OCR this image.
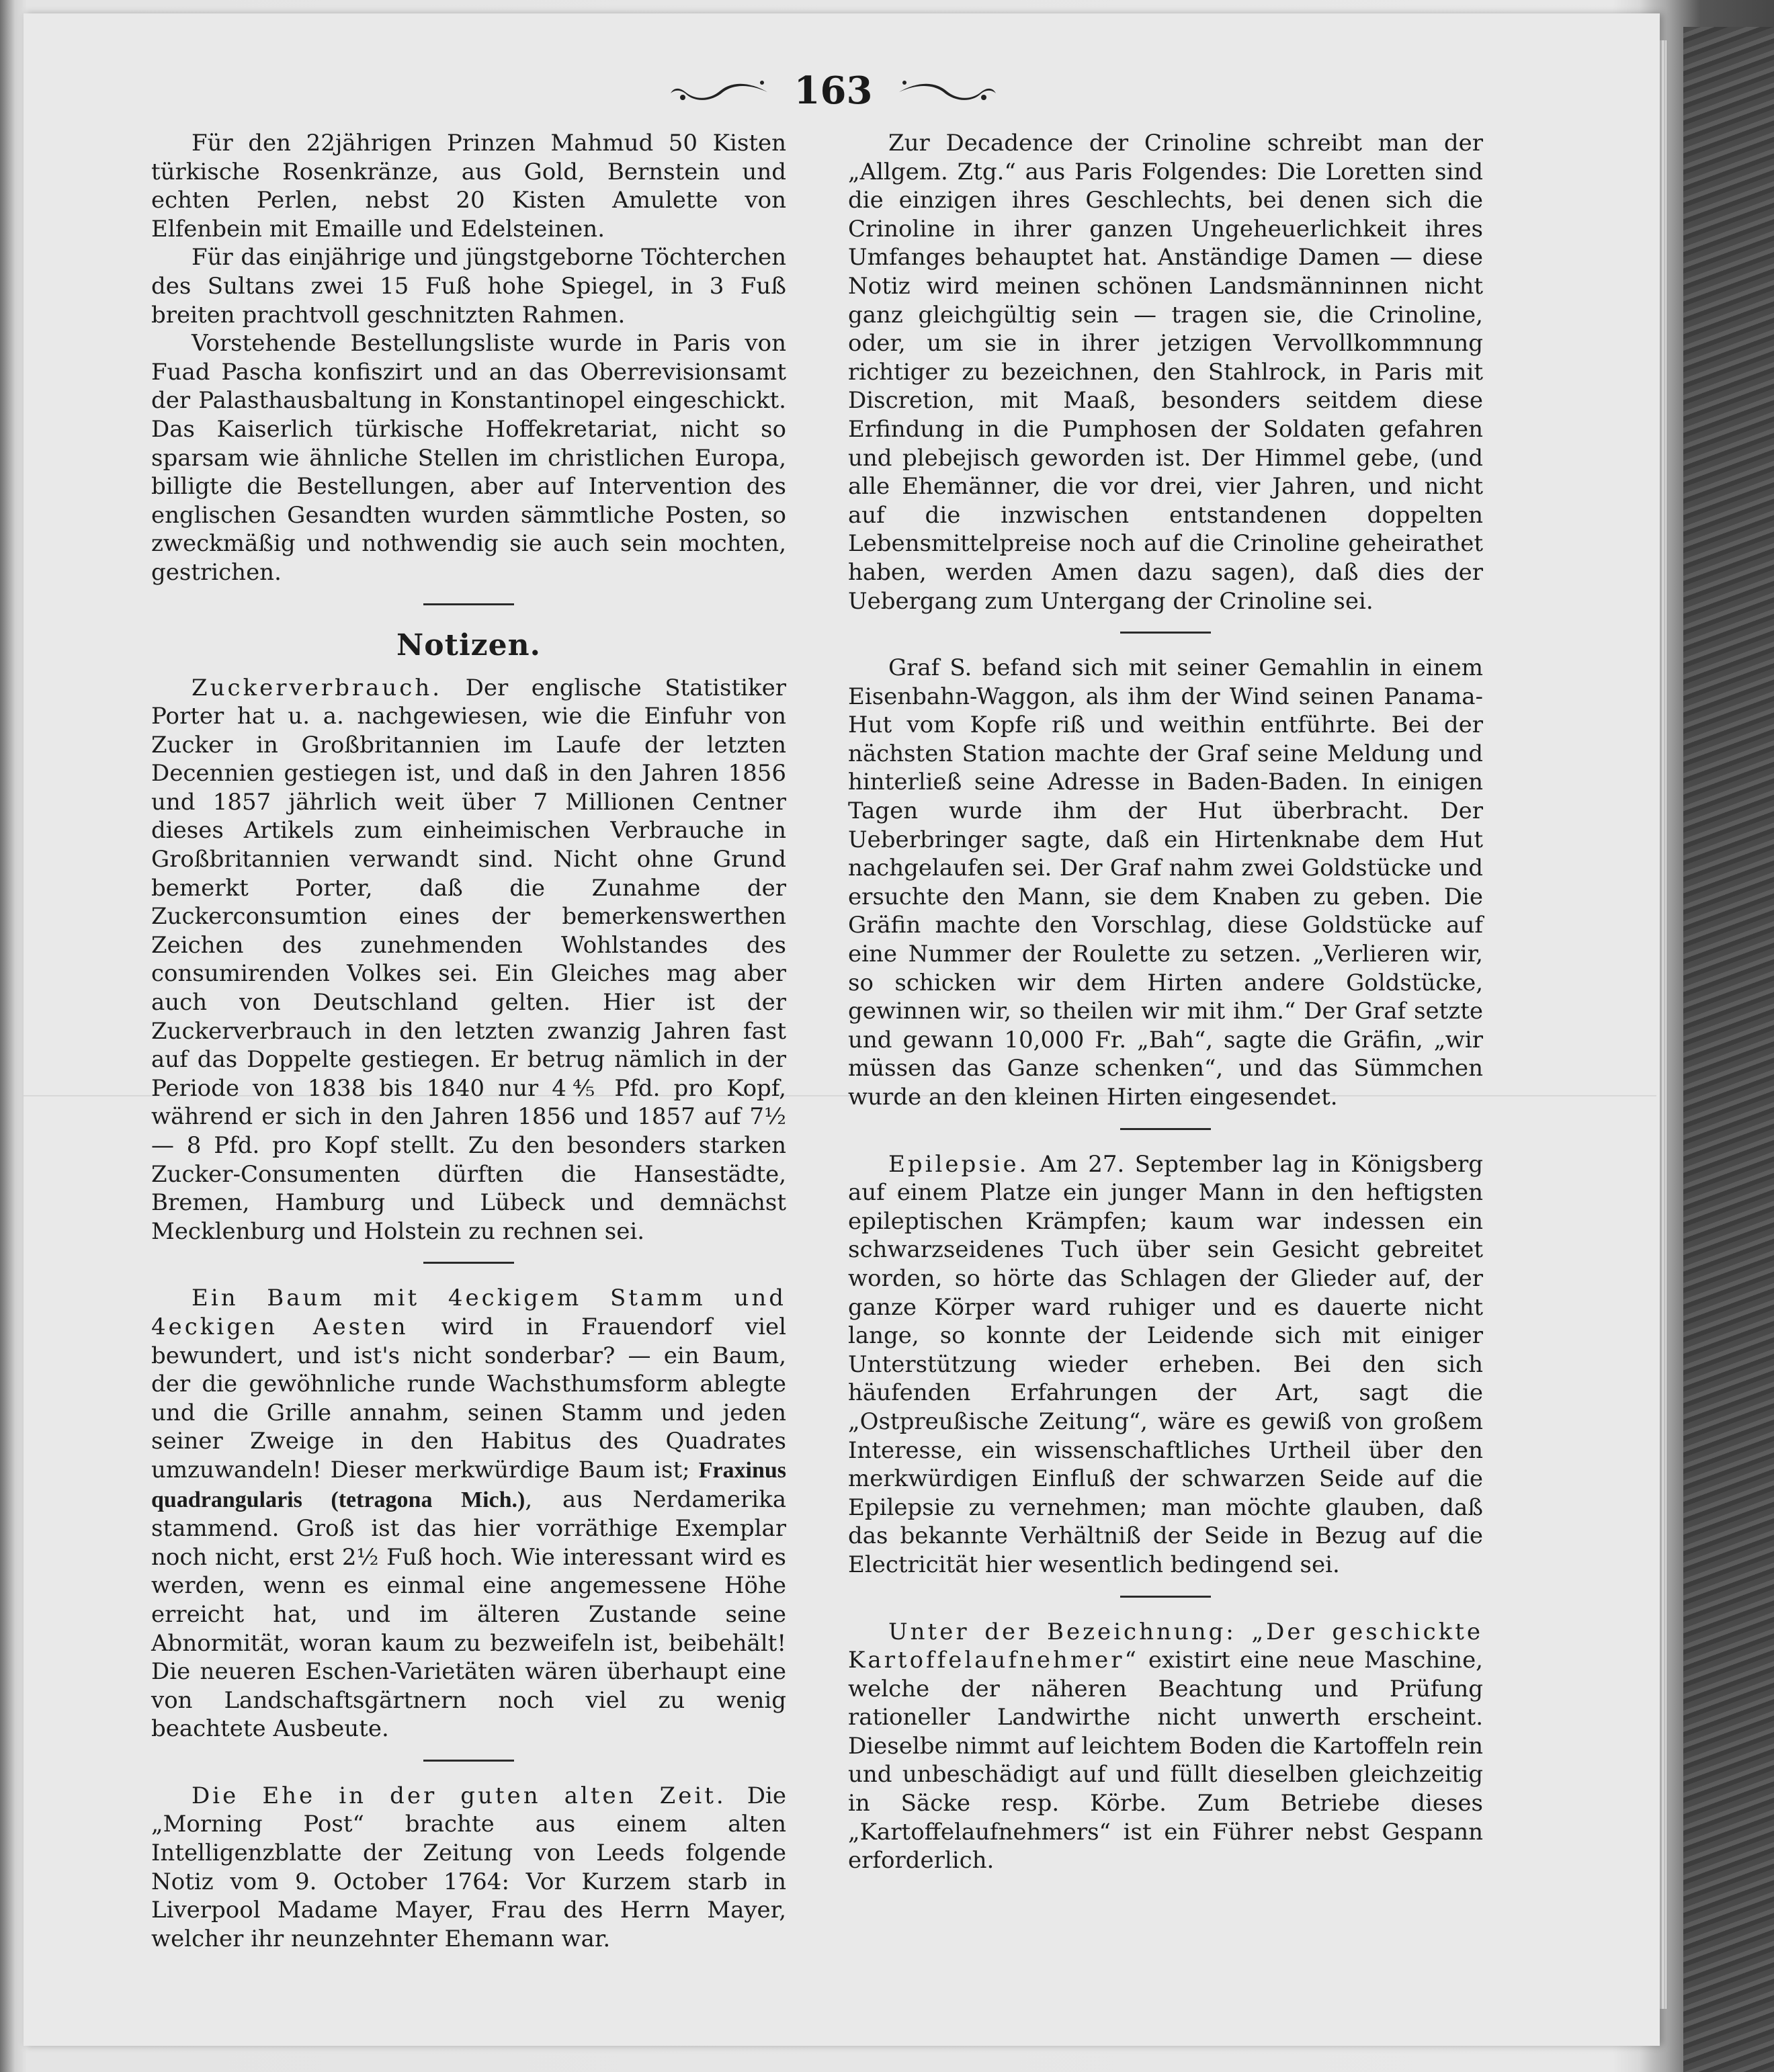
163

Für den 22jährigen Prinzen Mahmud 50 Kisten türkische Rosenkränze, aus Gold, Bernstein und echten Perlen, nebst 20 Kisten Amulette von Elfenbein mit Emaille und Edelsteinen.

Für das einjährige und jüngstgeborne Töchterchen des Sultans zwei 15 Fuß hohe Spiegel, in 3 Fuß breiten prachtvoll geschnitzten Rahmen.

Vorstehende Bestellungsliste wurde in Paris von Fuad Pascha konfiszirt und an das Oberrevisionsamt der Palasthausbaltung in Konstantinopel eingeschickt. Das Kaiserlich türkische Hoffekretariat, nicht so sparsam wie ähnliche Stellen im christlichen Europa, billigte die Bestellungen, aber auf Intervention des englischen Gesandten wurden sämmtliche Posten, so zweckmäßig und nothwendig sie auch sein mochten, gestrichen.

Notizen.

Zuckerverbrauch. Der englische Statistiker Porter hat u. a. nachgewiesen, wie die Einfuhr von Zucker in Großbritannien im Laufe der letzten Decennien gestiegen ist, und daß in den Jahren 1856 und 1857 jährlich weit über 7 Millionen Centner dieses Artikels zum einheimischen Verbrauche in Großbritannien verwandt sind. Nicht ohne Grund bemerkt Porter, daß die Zunahme der Zuckerconsumtion eines der bemerkenswerthen Zeichen des zunehmenden Wohlstandes des consumirenden Volkes sei. Ein Gleiches mag aber auch von Deutschland gelten. Hier ist der Zuckerverbrauch in den letzten zwanzig Jahren fast auf das Doppelte gestiegen. Er betrug nämlich in der Periode von 1838 bis 1840 nur 4⅘ Pfd. pro Kopf, während er sich in den Jahren 1856 und 1857 auf 7½ — 8 Pfd. pro Kopf stellt. Zu den besonders starken Zucker-Consumenten dürften die Hansestädte, Bremen, Hamburg und Lübeck und demnächst Mecklenburg und Holstein zu rechnen sei.

Ein Baum mit 4eckigem Stamm und 4eckigen Aesten wird in Frauendorf viel bewundert, und ist's nicht sonderbar? — ein Baum, der die gewöhnliche runde Wachsthumsform ablegte und die Grille annahm, seinen Stamm und jeden seiner Zweige in den Habitus des Quadrates umzuwandeln! Dieser merkwürdige Baum ist; Fraxinus quadrangularis (tetragona Mich.), aus Nerdamerika stammend. Groß ist das hier vorräthige Exemplar noch nicht, erst 2½ Fuß hoch. Wie interessant wird es werden, wenn es einmal eine angemessene Höhe erreicht hat, und im älteren Zustande seine Abnormität, woran kaum zu bezweifeln ist, beibehält! Die neueren Eschen-Varietäten wären überhaupt eine von Landschaftsgärtnern noch viel zu wenig beachtete Ausbeute.

Die Ehe in der guten alten Zeit. Die „Morning Post“ brachte aus einem alten Intelligenzblatte der Zeitung von Leeds folgende Notiz vom 9. October 1764: Vor Kurzem starb in Liverpool Madame Mayer, Frau des Herrn Mayer, welcher ihr neunzehnter Ehemann war.

Zur Decadence der Crinoline schreibt man der „Allgem. Ztg.“ aus Paris Folgendes: Die Loretten sind die einzigen ihres Geschlechts, bei denen sich die Crinoline in ihrer ganzen Ungeheuerlichkeit ihres Umfanges behauptet hat. Anständige Damen — diese Notiz wird meinen schönen Landsmänninnen nicht ganz gleichgültig sein — tragen sie, die Crinoline, oder, um sie in ihrer jetzigen Vervollkommnung richtiger zu bezeichnen, den Stahlrock, in Paris mit Discretion, mit Maaß, besonders seitdem diese Erfindung in die Pumphosen der Soldaten gefahren und plebejisch geworden ist. Der Himmel gebe, (und alle Ehemänner, die vor drei, vier Jahren, und nicht auf die inzwischen entstandenen doppelten Lebensmittelpreise noch auf die Crinoline geheirathet haben, werden Amen dazu sagen), daß dies der Uebergang zum Untergang der Crinoline sei.

Graf S. befand sich mit seiner Gemahlin in einem Eisenbahn-Waggon, als ihm der Wind seinen Panama-Hut vom Kopfe riß und weithin entführte. Bei der nächsten Station machte der Graf seine Meldung und hinterließ seine Adresse in Baden-Baden. In einigen Tagen wurde ihm der Hut überbracht. Der Ueberbringer sagte, daß ein Hirtenknabe dem Hut nachgelaufen sei. Der Graf nahm zwei Goldstücke und ersuchte den Mann, sie dem Knaben zu geben. Die Gräfin machte den Vorschlag, diese Goldstücke auf eine Nummer der Roulette zu setzen. „Verlieren wir, so schicken wir dem Hirten andere Goldstücke, gewinnen wir, so theilen wir mit ihm.“ Der Graf setzte und gewann 10,000 Fr. „Bah“, sagte die Gräfin, „wir müssen das Ganze schenken“, und das Sümmchen wurde an den kleinen Hirten eingesendet.

Epilepsie. Am 27. September lag in Königsberg auf einem Platze ein junger Mann in den heftigsten epileptischen Krämpfen; kaum war indessen ein schwarzseidenes Tuch über sein Gesicht gebreitet worden, so hörte das Schlagen der Glieder auf, der ganze Körper ward ruhiger und es dauerte nicht lange, so konnte der Leidende sich mit einiger Unterstützung wieder erheben. Bei den sich häufenden Erfahrungen der Art, sagt die „Ostpreußische Zeitung“, wäre es gewiß von großem Interesse, ein wissenschaftliches Urtheil über den merkwürdigen Einfluß der schwarzen Seide auf die Epilepsie zu vernehmen; man möchte glauben, daß das bekannte Verhältniß der Seide in Bezug auf die Electricität hier wesentlich bedingend sei.

Unter der Bezeichnung: „Der geschickte Kartoffelaufnehmer“ existirt eine neue Maschine, welche der näheren Beachtung und Prüfung rationeller Landwirthe nicht unwerth erscheint. Dieselbe nimmt auf leichtem Boden die Kartoffeln rein und unbeschädigt auf und füllt dieselben gleichzeitig in Säcke resp. Körbe. Zum Betriebe dieses „Kartoffelaufnehmers“ ist ein Führer nebst Gespann erforderlich.
